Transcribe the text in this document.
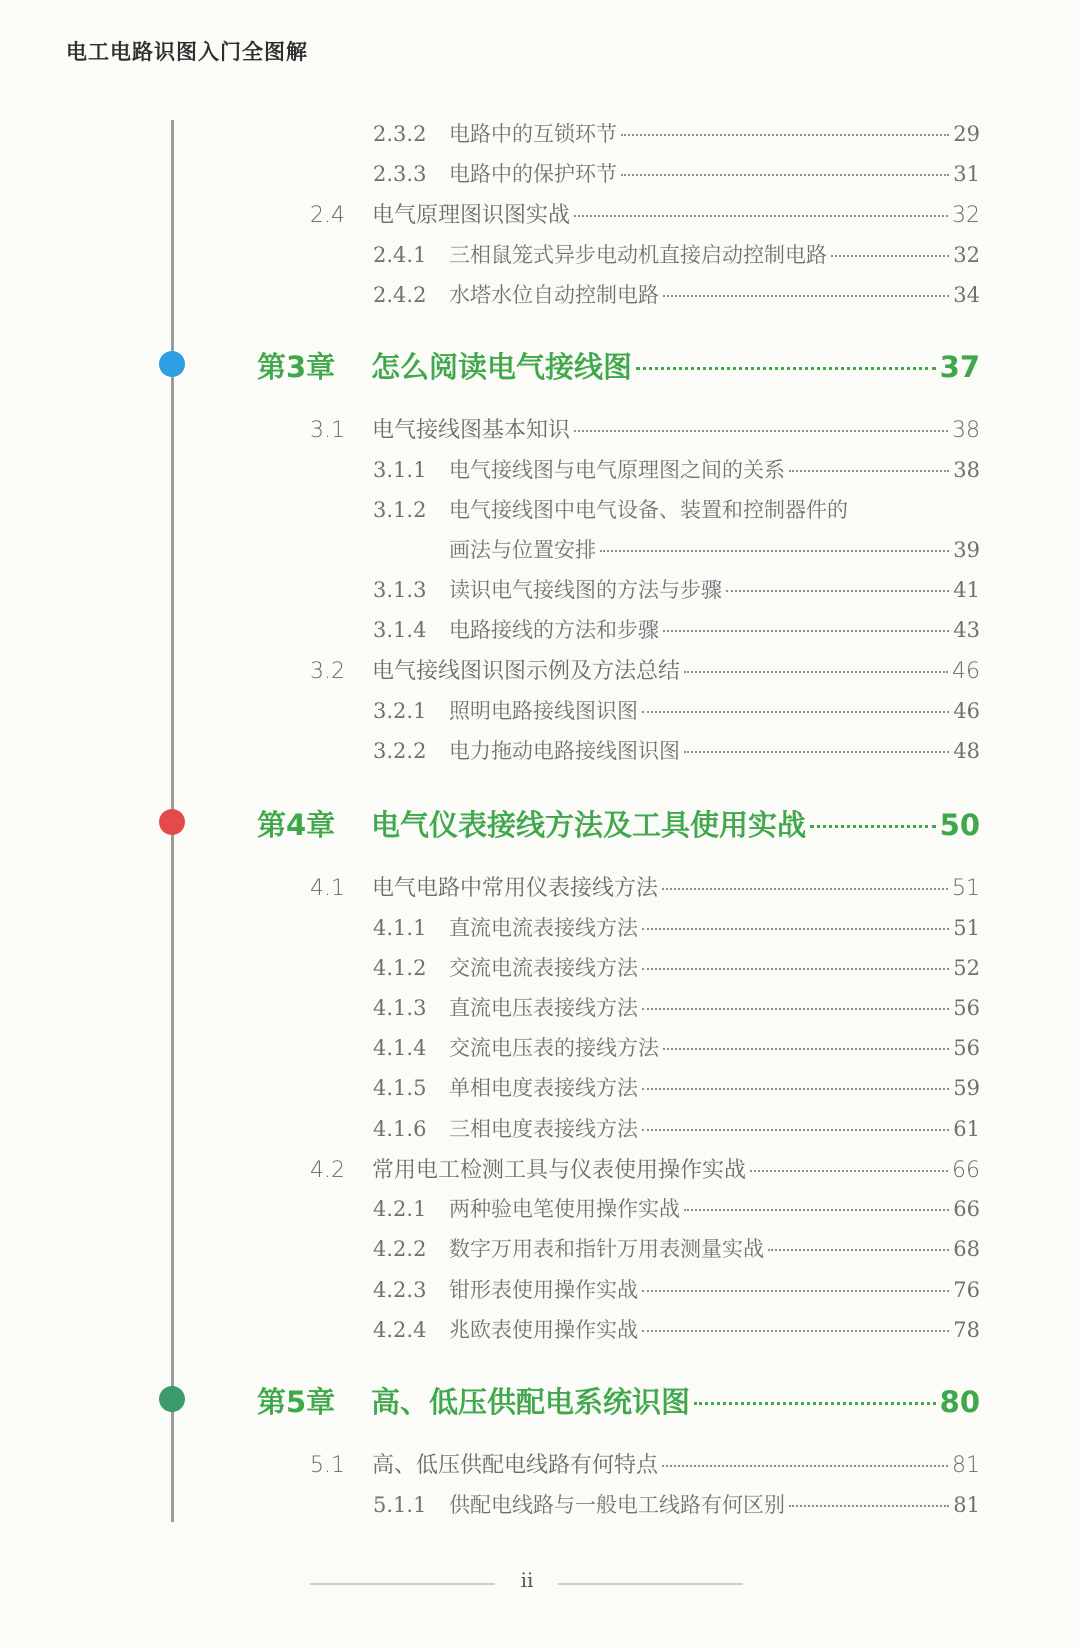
电工电路识图入门全图解
2.3.2	电路中的互锁环节	29
2.3.3	电路中的保护环节	31
2.4	电气原理图识图实战	32
2.4.1	三相鼠笼式异步电动机直接启动控制电路	32
2.4.2	水塔水位自动控制电路	34
第3章	怎么阅读电气接线图	37
3.1	电气接线图基本知识	38
3.1.1	电气接线图与电气原理图之间的关系	38
3.1.2	电气接线图中电气设备、装置和控制器件的
画法与位置安排	39
3.1.3	读识电气接线图的方法与步骤	41
3.1.4	电路接线的方法和步骤	43
3.2	电气接线图识图示例及方法总结	46
3.2.1	照明电路接线图识图	46
3.2.2	电力拖动电路接线图识图	48
第4章	电气仪表接线方法及工具使用实战	50
4.1	电气电路中常用仪表接线方法	51
4.1.1	直流电流表接线方法	51
4.1.2	交流电流表接线方法	52
4.1.3	直流电压表接线方法	56
4.1.4	交流电压表的接线方法	56
4.1.5	单相电度表接线方法	59
4.1.6	三相电度表接线方法	61
4.2	常用电工检测工具与仪表使用操作实战	66
4.2.1	两种验电笔使用操作实战	66
4.2.2	数字万用表和指针万用表测量实战	68
4.2.3	钳形表使用操作实战	76
4.2.4	兆欧表使用操作实战	78
第5章	高、低压供配电系统识图	80
5.1	高、低压供配电线路有何特点	81
5.1.1	供配电线路与一般电工线路有何区别	81
ii
